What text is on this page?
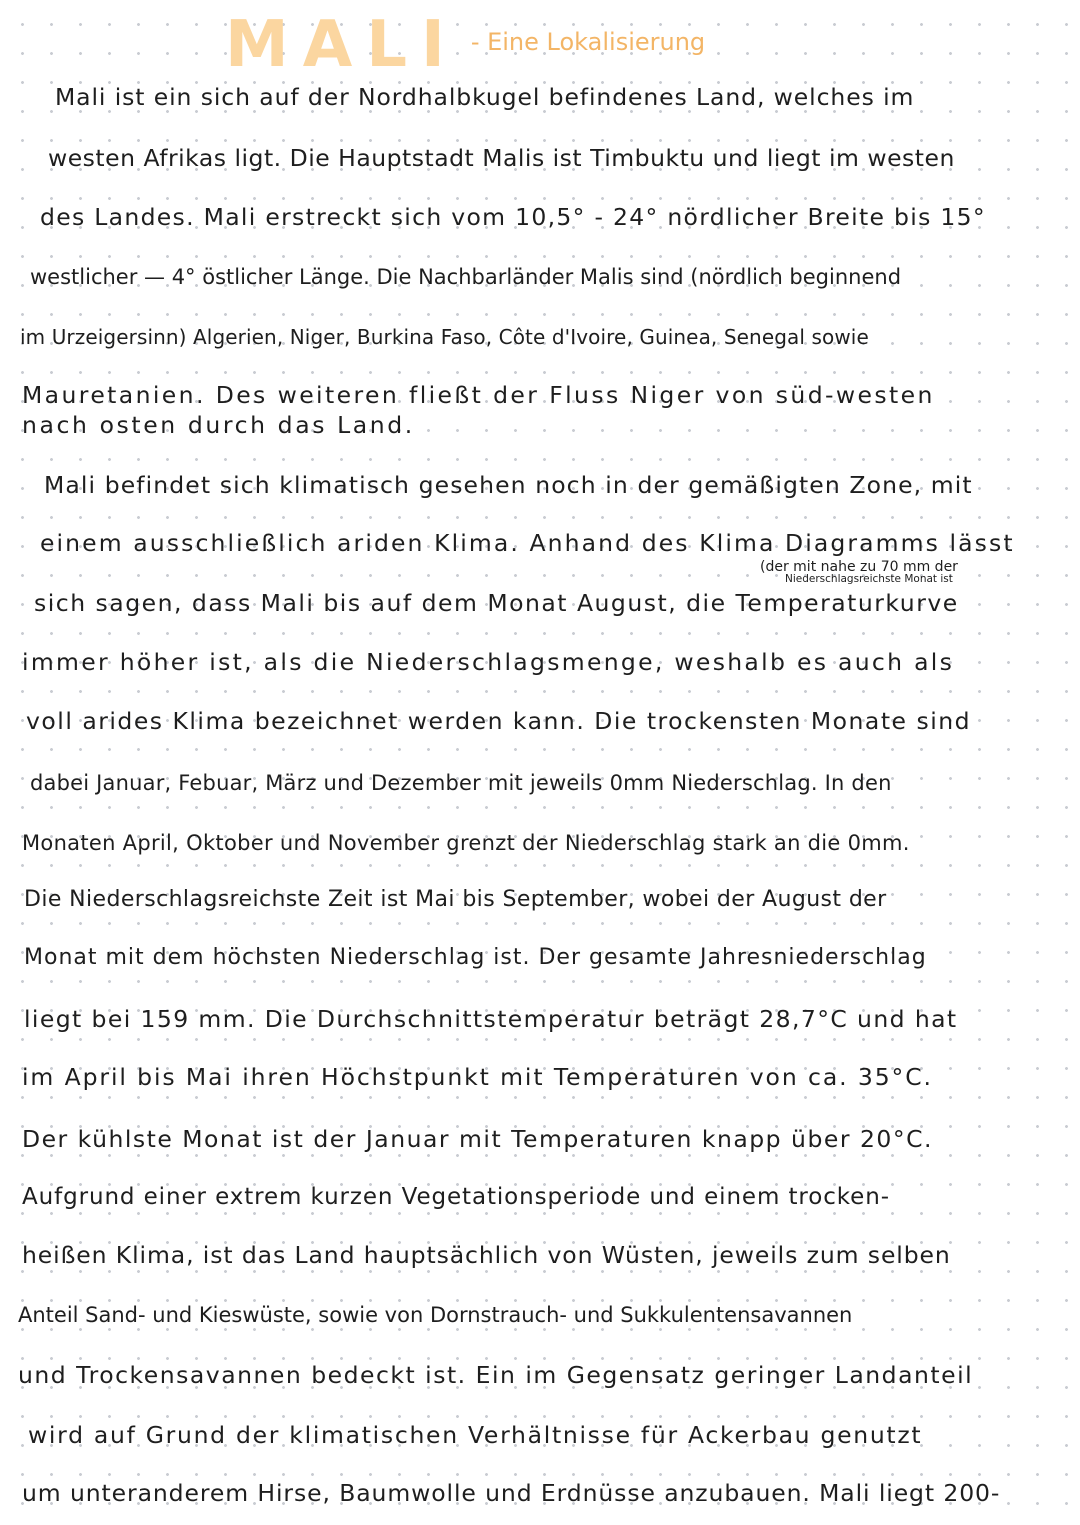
MALI - Eine Lokalisierung
Mali ist ein sich auf der Nordhalbkugel befindenes Land, welches im
westen Afrikas ligt. Die Hauptstadt Malis ist Timbuktu und liegt im westen
des Landes. Mali erstreckt sich vom 10,5° - 24° nördlicher Breite bis 15°
westlicher — 4° östlicher Länge. Die Nachbarländer Malis sind (nördlich beginnend
im Urzeigersinn) Algerien, Niger, Burkina Faso, Côte d'Ivoire, Guinea, Senegal sowie
Mauretanien. Des weiteren fließt der Fluss Niger von süd-westen
nach osten durch das Land.
Mali befindet sich klimatisch gesehen noch in der gemäßigten Zone, mit
einem ausschließlich ariden Klima. Anhand des Klima Diagramms lässt
(der mit nahe zu 70 mm der
Niederschlagsreichste Monat ist
sich sagen, dass Mali bis auf dem Monat August, die Temperaturkurve
immer höher ist, als die Niederschlagsmenge, weshalb es auch als
voll arides Klima bezeichnet werden kann. Die trockensten Monate sind
dabei Januar, Febuar, März und Dezember mit jeweils 0mm Niederschlag. In den
Monaten April, Oktober und November grenzt der Niederschlag stark an die 0mm.
Die Niederschlagsreichste Zeit ist Mai bis September, wobei der August der
Monat mit dem höchsten Niederschlag ist. Der gesamte Jahresniederschlag
liegt bei 159 mm. Die Durchschnittstemperatur beträgt 28,7°C und hat
im April bis Mai ihren Höchstpunkt mit Temperaturen von ca. 35°C.
Der kühlste Monat ist der Januar mit Temperaturen knapp über 20°C.
Aufgrund einer extrem kurzen Vegetationsperiode und einem trocken-
heißen Klima, ist das Land hauptsächlich von Wüsten, jeweils zum selben
Anteil Sand- und Kieswüste, sowie von Dornstrauch- und Sukkulentensavannen
und Trockensavannen bedeckt ist. Ein im Gegensatz geringer Landanteil
wird auf Grund der klimatischen Verhältnisse für Ackerbau genutzt
um unteranderem Hirse, Baumwolle und Erdnüsse anzubauen. Mali liegt 200-
